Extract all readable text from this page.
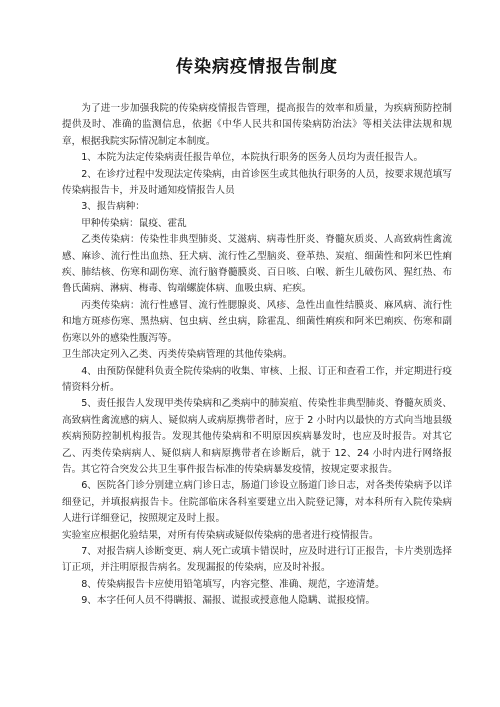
传染病疫情报告制度

为了进一步加强我院的传染病疫情报告管理，提高报告的效率和质量，为疾病预防控制提供及时、准确的监测信息，依据《中华人民共和国传染病防治法》等相关法律法规和规章，根据我院实际情况制定本制度。

1、本院为法定传染病责任报告单位，本院执行职务的医务人员均为责任报告人。

2、在诊疗过程中发现法定传染病，由首诊医生或其他执行职务的人员，按要求规范填写传染病报告卡，并及时通知疫情报告人员

3、报告病种：

甲种传染病：鼠疫、霍乱

乙类传染病：传染性非典型肺炎、艾滋病、病毒性肝炎、脊髓灰质炎、人高致病性禽流感、麻诊、流行性出血热、狂犬病、流行性乙型脑炎、登革热、炭疽、细菌性和阿米巴性痢疾、肺结核、伤寒和副伤寒、流行脑脊髓膜炎、百日咳、白喉、新生儿破伤风、猩红热、布鲁氏菌病、淋病、梅毒、钩端螺旋体病、血吸虫病、疟疾。

丙类传染病：流行性感冒、流行性腮腺炎、风疹、急性出血性结膜炎、麻风病、流行性和地方斑疹伤寒、黑热病、包虫病、丝虫病，除霍乱、细菌性痢疾和阿米巴痢疾、伤寒和副 伤寒以外的感染性腹泻等。

卫生部决定列入乙类、丙类传染病管理的其他传染病。

4、由预防保健科负责全院传染病的收集、审核、上报、订正和查看工作，并定期进行疫情资料分析。

5、责任报告人发现甲类传染病和乙类病中的肺炭疽、传染性非典型肺炎、脊髓灰质炎、高致病性禽流感的病人、疑似病人或病原携带者时，应于 2 小时内以最快的方式向当地县级疾病预防控制机构报告。发现其他传染病和不明原因疾病暴发时，也应及时报告。对其它乙、丙类传染病病人、疑似病人和病原携带者在诊断后，就于 12、24 小时内进行网络报告。其它符合突发公共卫生事件报告标准的传染病暴发疫情，按规定要求报告。

6、医院各门诊分别建立病门诊日志，肠道门诊设立肠道门诊日志，对各类传染病予以详细登记，并填报病报告卡。住院部临床各科室要建立出入院登记簿，对本科所有入院传染病人进行详细登记，按照规定及时上报。

实验室应根据化验结果，对所有传染病或疑似传染病的患者进行疫情报告。

7、对报告病人诊断变更、病人死亡或填卡错误时，应及时进行订正报告，卡片类别选择订正项，并注明原报告病名。发现漏报的传染病，应及时补报。

8、传染病报告卡应使用铅笔填写，内容完整、准确、规范，字迹清楚。

9、本字任何人员不得瞒报、漏报、谎报或授意他人隐瞒、谎报疫情。
